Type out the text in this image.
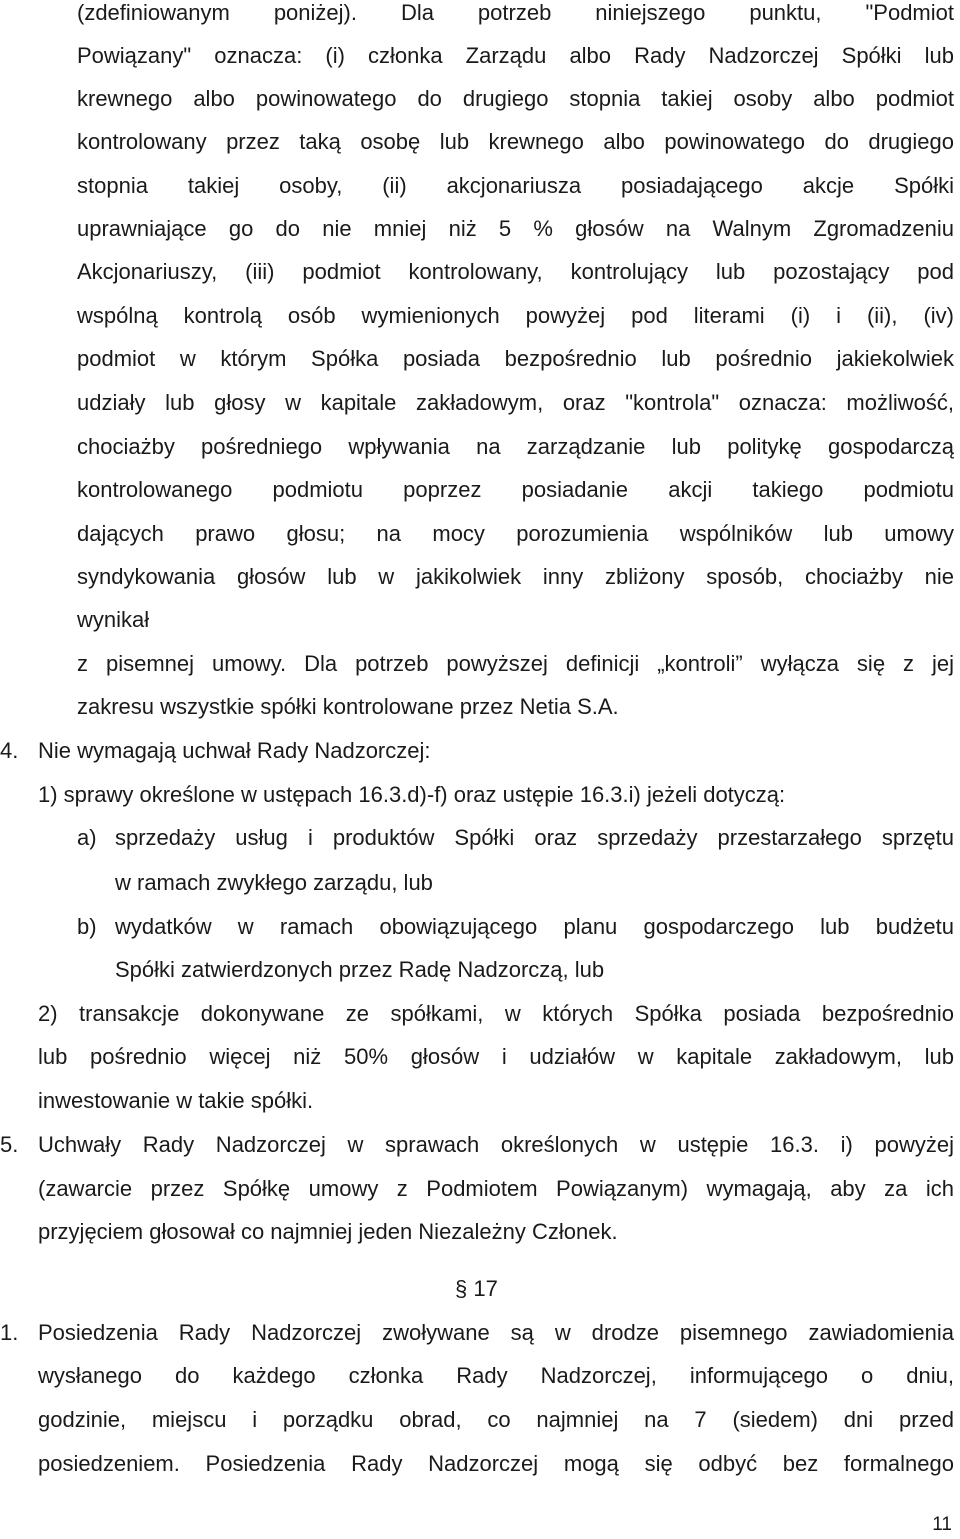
(zdefiniowanym poniżej). Dla potrzeb niniejszego punktu, "Podmiot
Powiązany" oznacza: (i) członka Zarządu albo Rady Nadzorczej Spółki lub
krewnego albo powinowatego do drugiego stopnia takiej osoby albo podmiot
kontrolowany przez taką osobę lub krewnego albo powinowatego do drugiego
stopnia takiej osoby, (ii) akcjonariusza posiadającego akcje Spółki
uprawniające go do nie mniej niż 5 % głosów na Walnym Zgromadzeniu
Akcjonariuszy, (iii) podmiot kontrolowany, kontrolujący lub pozostający pod
wspólną kontrolą osób wymienionych powyżej pod literami (i) i (ii), (iv)
podmiot w którym Spółka posiada bezpośrednio lub pośrednio jakiekolwiek
udziały lub głosy w kapitale zakładowym, oraz "kontrola" oznacza: możliwość,
chociażby pośredniego wpływania na zarządzanie lub politykę gospodarczą
kontrolowanego podmiotu poprzez posiadanie akcji takiego podmiotu
dających prawo głosu; na mocy porozumienia wspólników lub umowy
syndykowania głosów lub w jakikolwiek inny zbliżony sposób, chociażby nie
wynikał
z pisemnej umowy. Dla potrzeb powyższej definicji „kontroli” wyłącza się z jej
zakresu wszystkie spółki kontrolowane przez Netia S.A.
4. Nie wymagają uchwał Rady Nadzorczej:
1) sprawy określone w ustępach 16.3.d)-f) oraz ustępie 16.3.i) jeżeli dotyczą:
a) sprzedaży usług i produktów Spółki oraz sprzedaży przestarzałego sprzętu
w ramach zwykłego zarządu, lub
b) wydatków w ramach obowiązującego planu gospodarczego lub budżetu
Spółki zatwierdzonych przez Radę Nadzorczą, lub
2) transakcje dokonywane ze spółkami, w których Spółka posiada bezpośrednio
lub pośrednio więcej niż 50% głosów i udziałów w kapitale zakładowym, lub
inwestowanie w takie spółki.
5. Uchwały Rady Nadzorczej w sprawach określonych w ustępie 16.3. i) powyżej
(zawarcie przez Spółkę umowy z Podmiotem Powiązanym) wymagają, aby za ich
przyjęciem głosował co najmniej jeden Niezależny Członek.
§ 17
1. Posiedzenia Rady Nadzorczej zwoływane są w drodze pisemnego zawiadomienia
wysłanego do każdego członka Rady Nadzorczej, informującego o dniu,
godzinie, miejscu i porządku obrad, co najmniej na 7 (siedem) dni przed
posiedzeniem. Posiedzenia Rady Nadzorczej mogą się odbyć bez formalnego
11
